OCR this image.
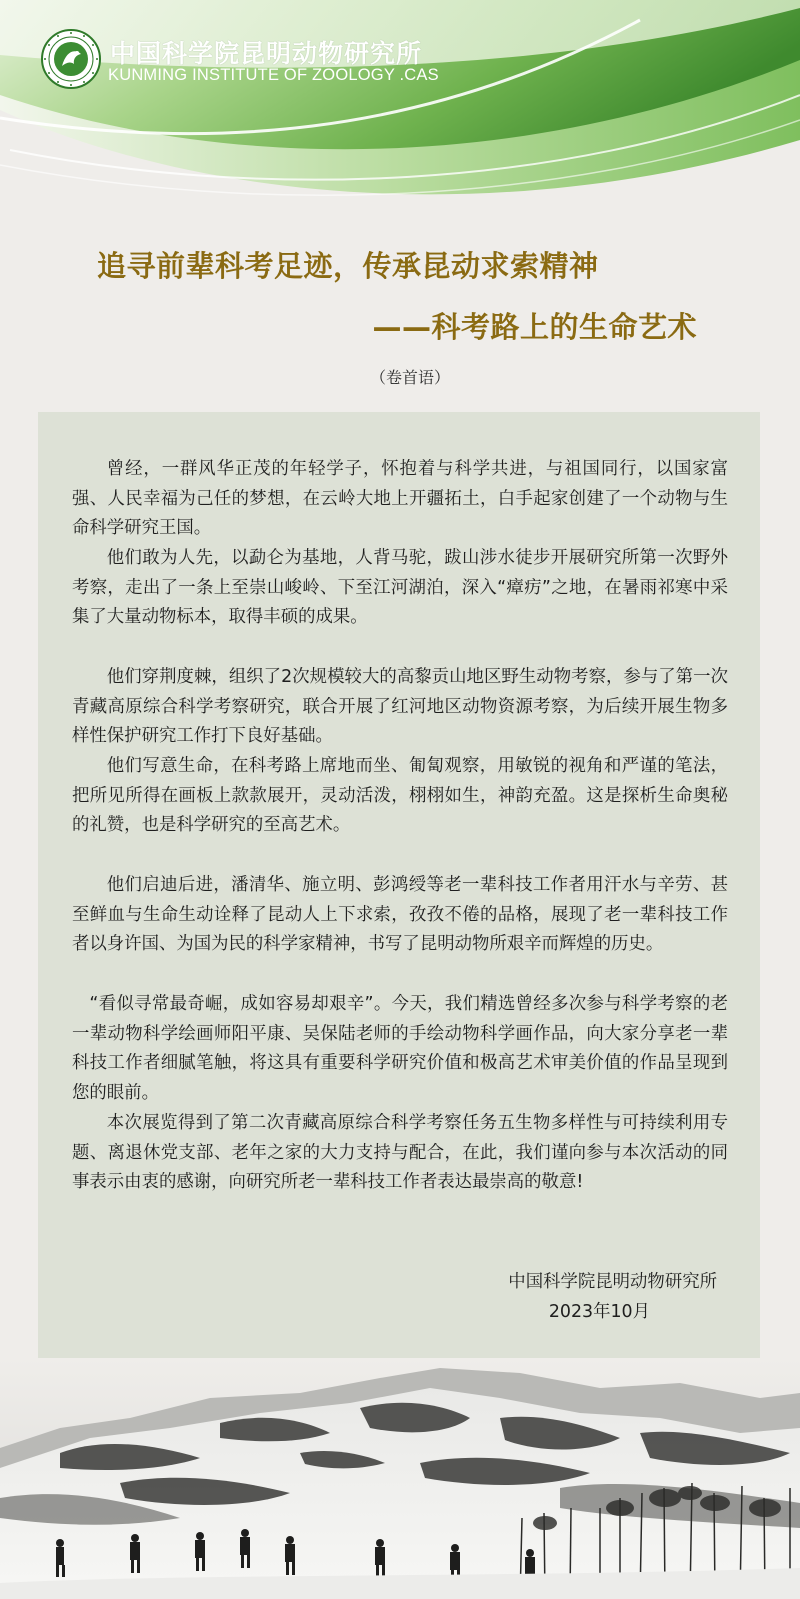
中国科学院昆明动物研究所
KUNMING INSTITUTE OF ZOOLOGY .CAS
追寻前辈科考足迹，传承昆动求索精神
——科考路上的生命艺术
（卷首语）

曾经，一群风华正茂的年轻学子，怀抱着与科学共进，与祖国同行，以国家富强、人民幸福为己任的梦想，在云岭大地上开疆拓土，白手起家创建了一个动物与生命科学研究王国。

他们敢为人先，以勐仑为基地，人背马驼，跋山涉水徒步开展研究所第一次野外考察，走出了一条上至崇山峻岭、下至江河湖泊，深入“瘴疠”之地，在暑雨祁寒中采集了大量动物标本，取得丰硕的成果。

他们穿荆度棘，组织了2次规模较大的高黎贡山地区野生动物考察，参与了第一次青藏高原综合科学考察研究，联合开展了红河地区动物资源考察，为后续开展生物多样性保护研究工作打下良好基础。

他们写意生命，在科考路上席地而坐、匍匐观察，用敏锐的视角和严谨的笔法，把所见所得在画板上款款展开，灵动活泼，栩栩如生，神韵充盈。这是探析生命奥秘的礼赞，也是科学研究的至高艺术。

他们启迪后进，潘清华、施立明、彭鸿绶等老一辈科技工作者用汗水与辛劳、甚至鲜血与生命生动诠释了昆动人上下求索，孜孜不倦的品格，展现了老一辈科技工作者以身许国、为国为民的科学家精神，书写了昆明动物所艰辛而辉煌的历史。

“看似寻常最奇崛，成如容易却艰辛”。今天，我们精选曾经多次参与科学考察的老一辈动物科学绘画师阳平康、吴保陆老师的手绘动物科学画作品，向大家分享老一辈科技工作者细腻笔触，将这具有重要科学研究价值和极高艺术审美价值的作品呈现到您的眼前。

本次展览得到了第二次青藏高原综合科学考察任务五生物多样性与可持续利用专题、离退休党支部、老年之家的大力支持与配合，在此，我们谨向参与本次活动的同事表示由衷的感谢，向研究所老一辈科技工作者表达最崇高的敬意!

中国科学院昆明动物研究所
2023年10月
